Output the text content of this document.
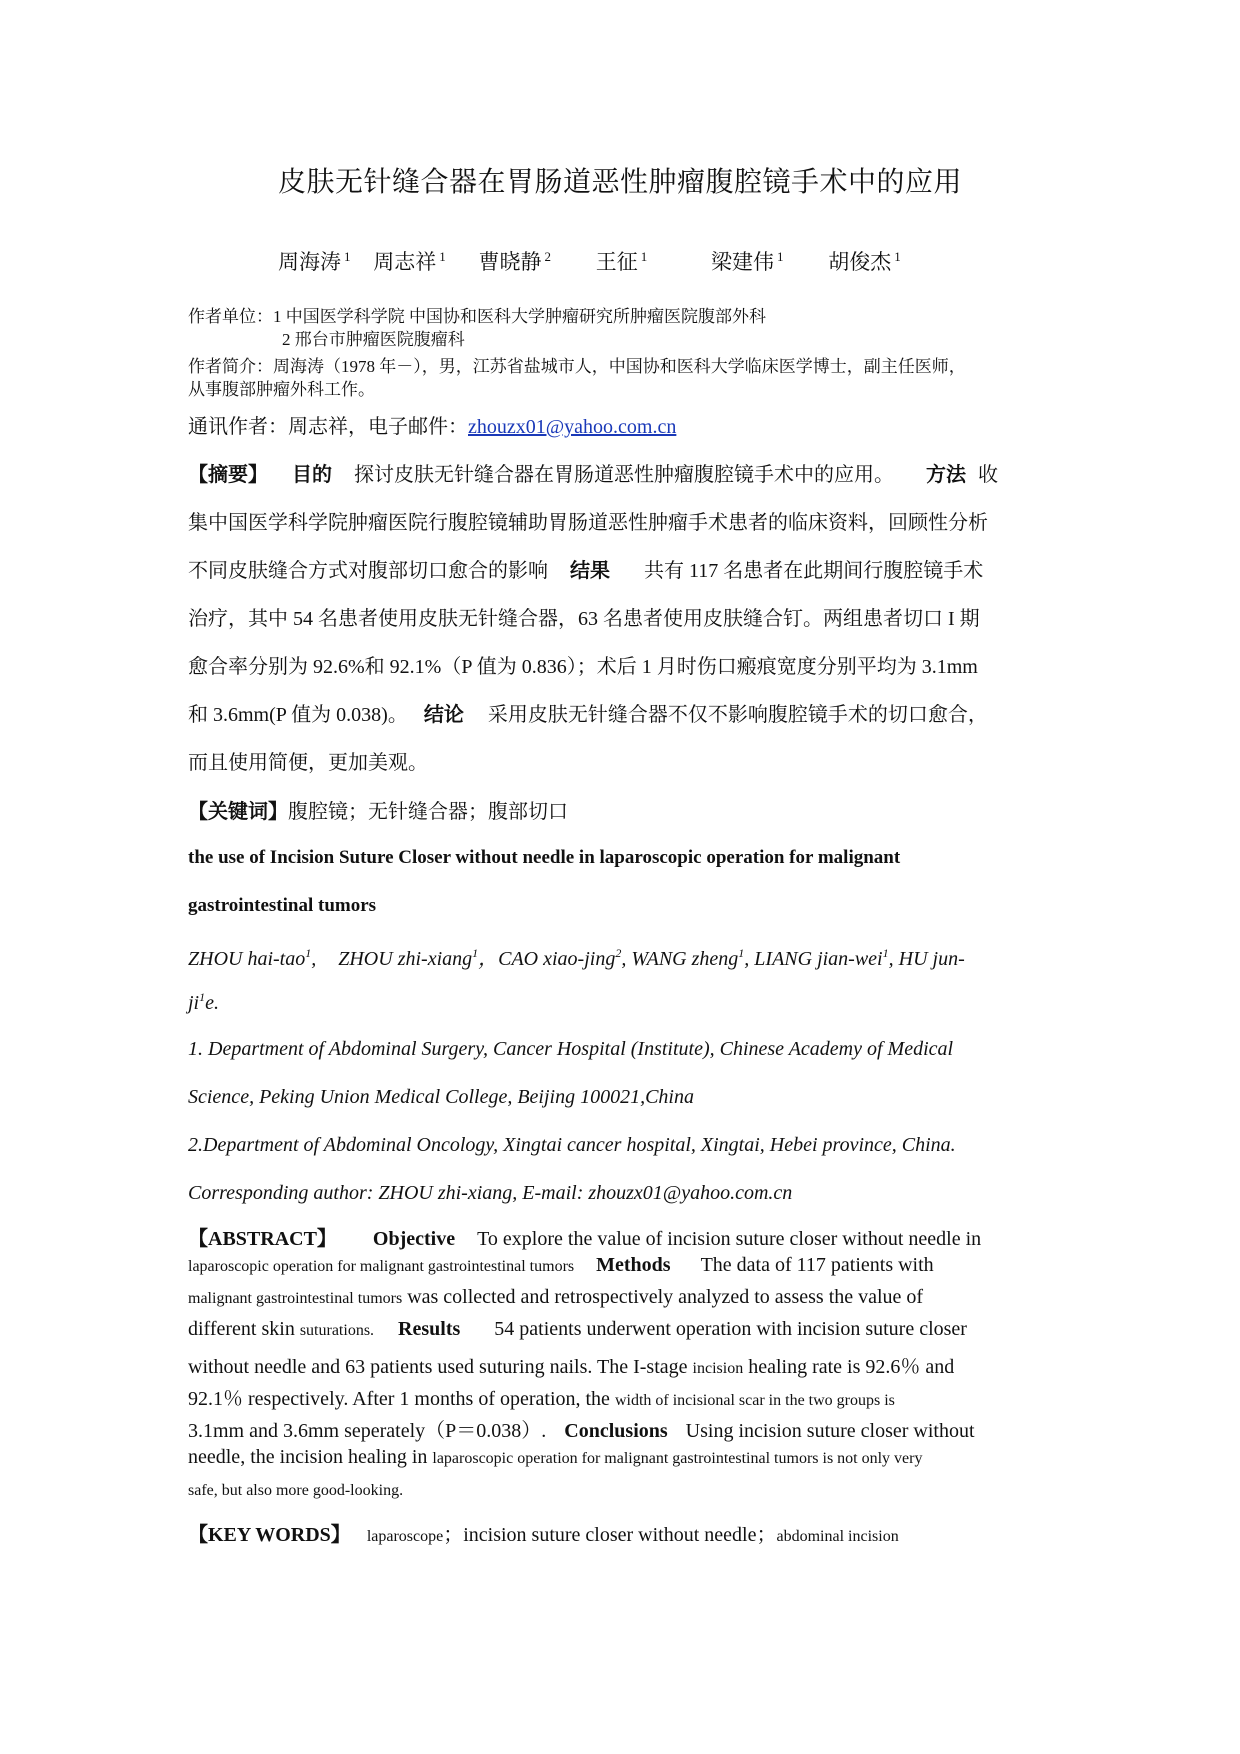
皮肤无针缝合器在胃肠道恶性肿瘤腹腔镜手术中的应用
周海涛 $^1$ 周志祥 $^1$ 曹晓静 $^2$ 王征 $^1$	梁建伟 $^1$ 胡俊杰 $^1$
作者单位：1 中国医学科学院 中国协和医科大学肿瘤研究所肿瘤医院腹部外科
2 邢台市肿瘤医院腹瘤科
作者简介：周海涛（1978 年－），男，江苏省盐城市人，中国协和医科大学临床医学博士，副主任医师，
从事腹部肿瘤外科工作。
通讯作者：周志祥，电子邮件：zhouzx01@yahoo.com.cn
【摘要】 目的 探讨皮肤无针缝合器在胃肠道恶性肿瘤腹腔镜手术中的应用。 方法 收
集中国医学科学院肿瘤医院行腹腔镜辅助胃肠道恶性肿瘤手术患者的临床资料，回顾性分析
不同皮肤缝合方式对腹部切口愈合的影响 结果 共有 117 名患者在此期间行腹腔镜手术
治疗，其中 54 名患者使用皮肤无针缝合器，63 名患者使用皮肤缝合钉。两组患者切口 I 期
愈合率分别为 92.6%和 92.1%（P 值为 0.836）；术后 1 月时伤口瘢痕宽度分别平均为 3.1mm
和 3.6mm(P 值为 0.038)。 结论 采用皮肤无针缝合器不仅不影响腹腔镜手术的切口愈合，
而且使用简便，更加美观。
【关键词】腹腔镜；无针缝合器；腹部切口
the use of Incision Suture Closer without needle in laparoscopic operation for malignant
gastrointestinal tumors
ZHOU hai-tao$^1$, ZHOU zhi-xiang$^1$，CAO xiao-jing$^2$, WANG zheng$^1$, LIANG jian-wei$^1$, HU jun-
$ji^1e$.
1. Department of Abdominal Surgery, Cancer Hospital (Institute), Chinese Academy of Medical
Science, Peking Union Medical College, Beijing 100021,China
2.Department of Abdominal Oncology, Xingtai cancer hospital, Xingtai, Hebei province, China.
Corresponding author: ZHOU zhi-xiang, E-mail: zhouzx01@yahoo.com.cn
【ABSTRACT】 Objective To explore the value of incision suture closer without needle in
laparoscopic operation for malignant gastrointestinal tumors Methods The data of 117 patients with
malignant gastrointestinal tumors was collected and retrospectively analyzed to assess the value of
different skin suturations. Results 54 patients underwent operation with incision suture closer
without needle and 63 patients used suturing nails. The I-stage incision healing rate is 92.6％ and
92.1％ respectively. After 1 months of operation, the width of incisional scar in the two groups is
3.1mm and 3.6mm seperately（P＝0.038）. Conclusions Using incision suture closer without
needle, the incision healing in laparoscopic operation for malignant gastrointestinal tumors is not only very
safe, but also more good-looking.
【KEY WORDS】 laparoscope；incision suture closer without needle；abdominal incision
